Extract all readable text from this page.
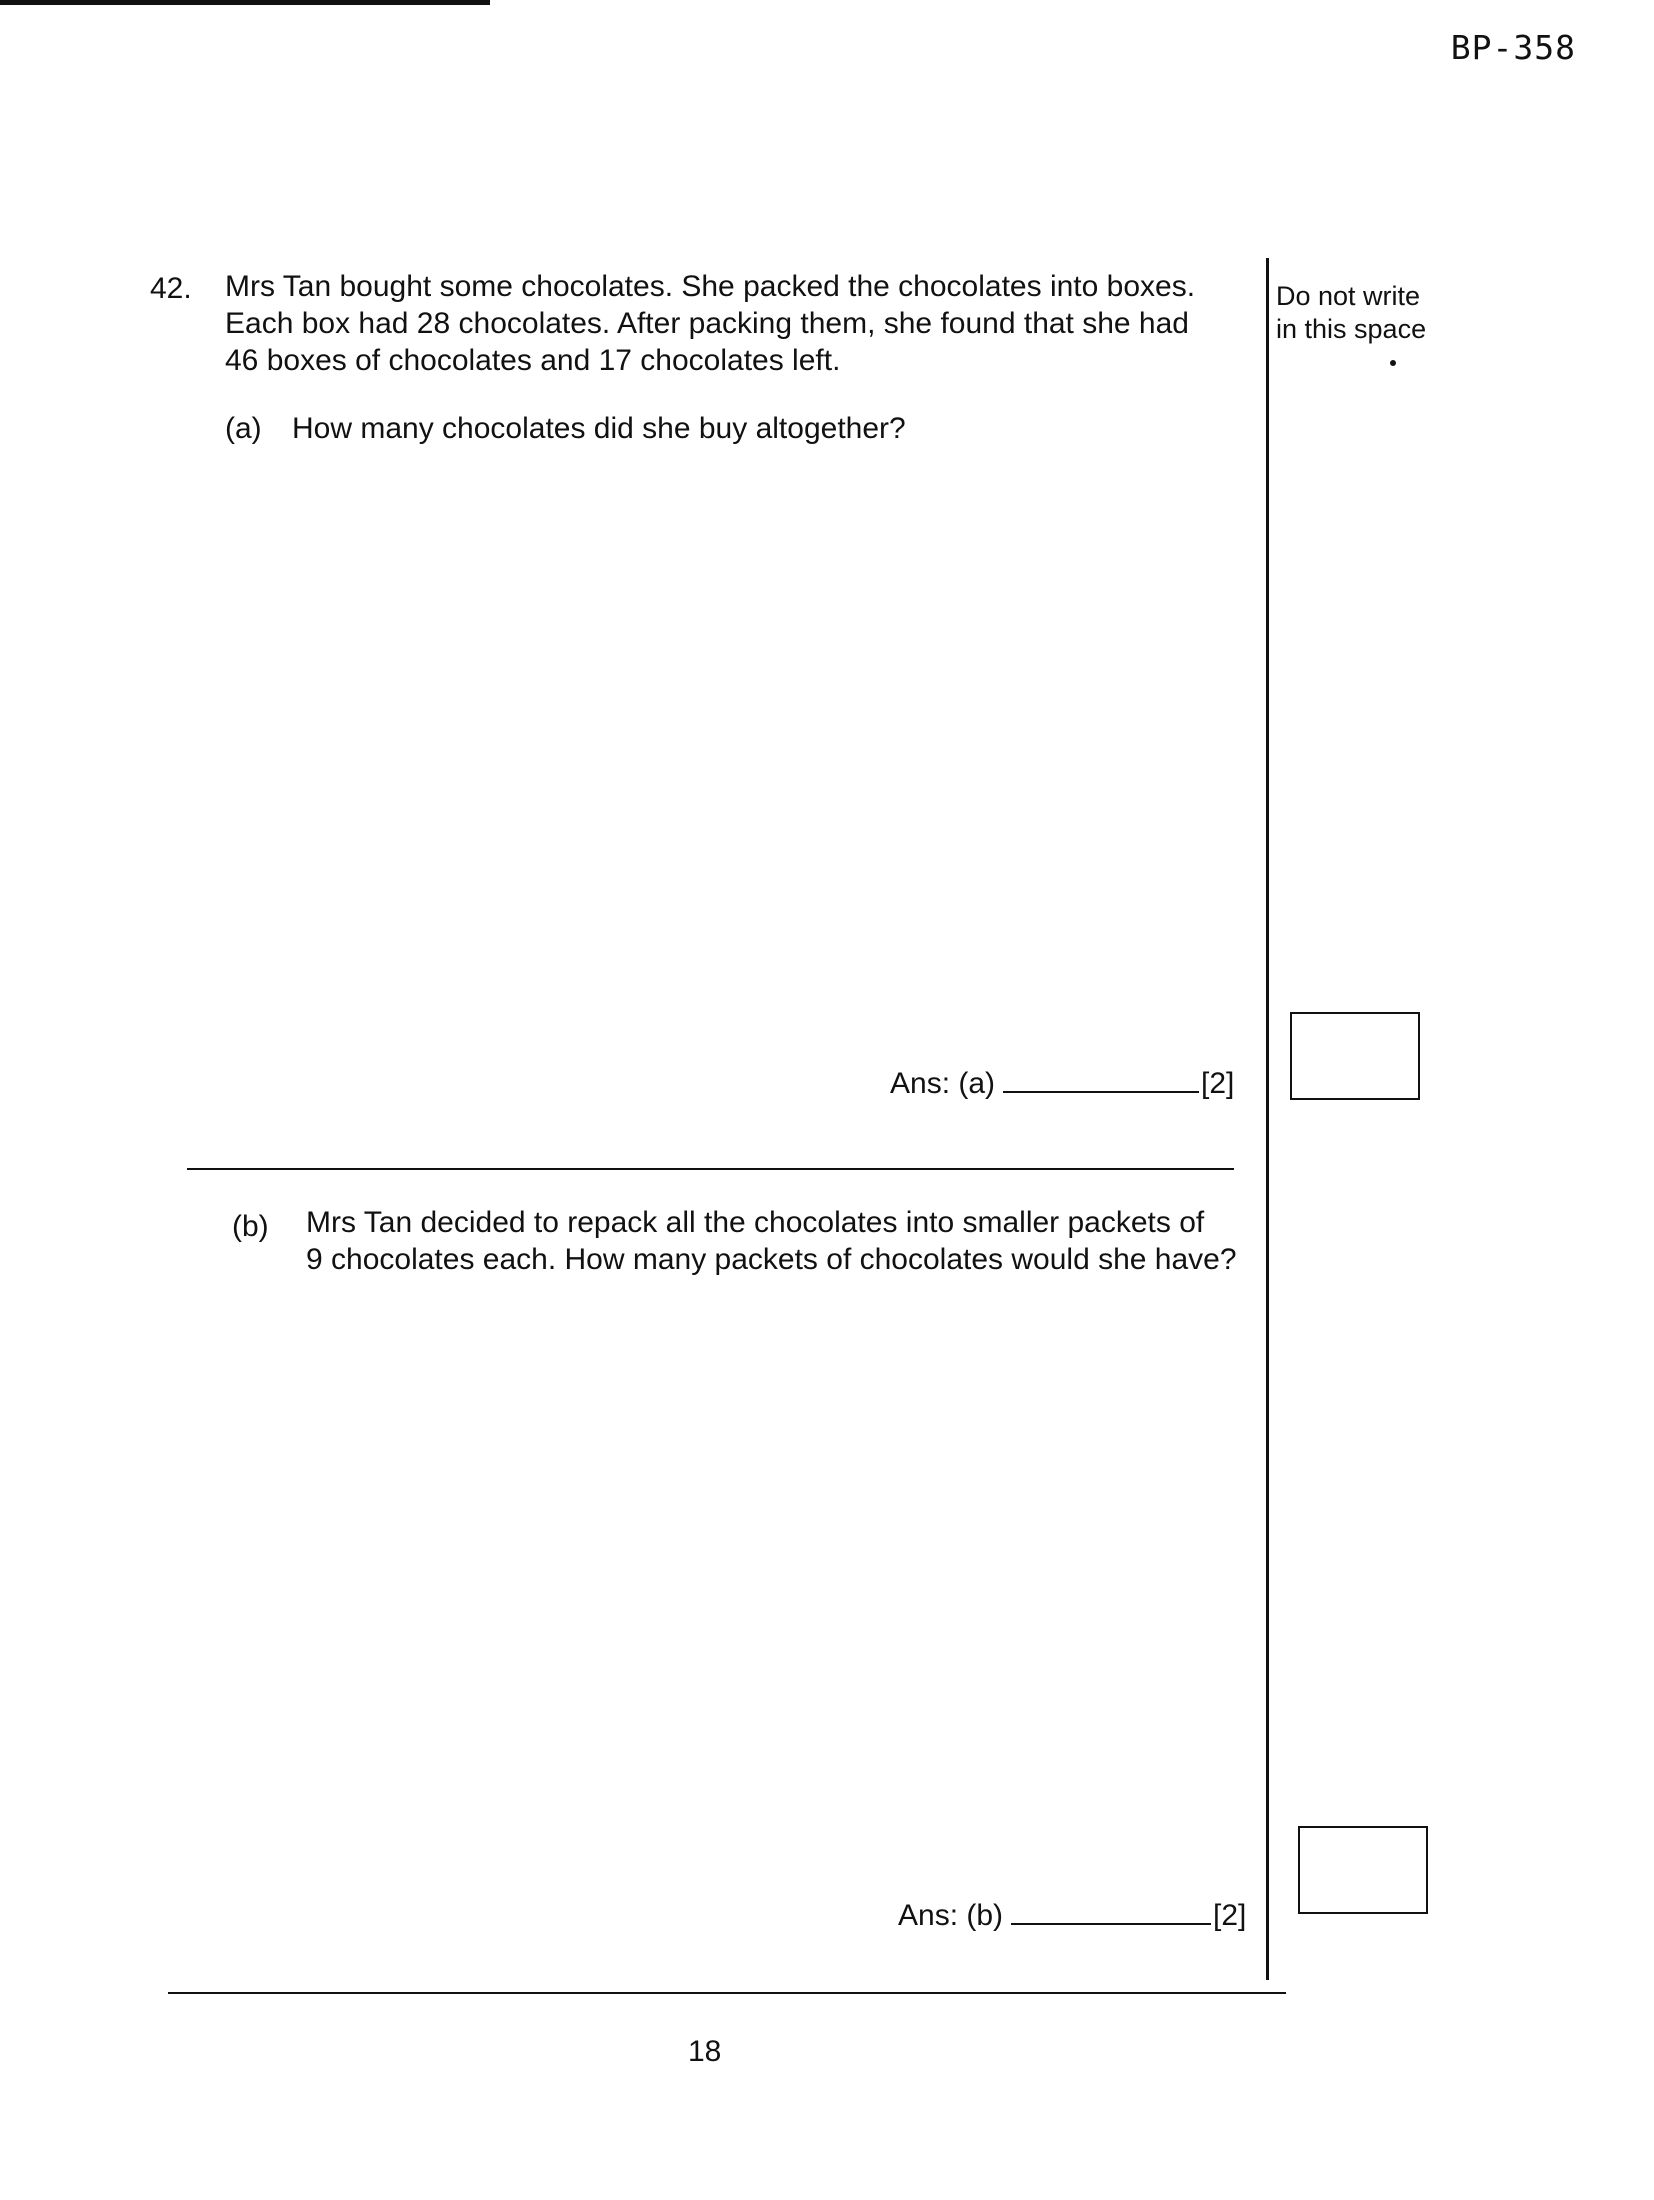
BP-358
42. Mrs Tan bought some chocolates. She packed the chocolates into boxes.
Each box had 28 chocolates. After packing them, she found that she had
46 boxes of chocolates and 17 chocolates left.
(a) How many chocolates did she buy altogether?
Ans: (a)	[2]
(b) Mrs Tan decided to repack all the chocolates into smaller packets of
9 chocolates each. How many packets of chocolates would she have?
Ans: (b)	[2]
Do not write
in this space
18
